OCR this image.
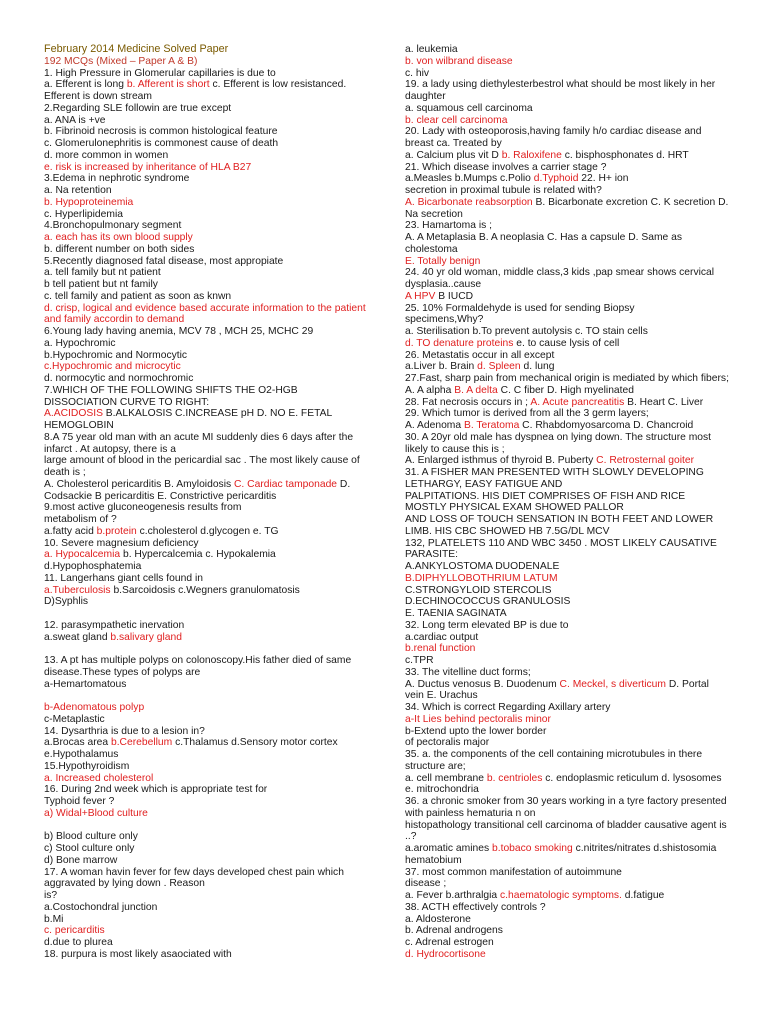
February 2014 Medicine Solved Paper
192 MCQs (Mixed – Paper A & B)
1. High Pressure in Glomerular capillaries is due to
a. Efferent is long b. Afferent is short c. Efferent is low resistanced.
Efferent is down stream
2.Regarding SLE followin are true except
a. ANA is +ve
b. Fibrinoid necrosis is common histological feature
c. Glomerulonephritis is commonest cause of death
d. more common in women
e. risk is increased by inheritance of HLA B27
3.Edema in nephrotic syndrome
a. Na retention
b. Hypoproteinemia
c. Hyperlipidemia
4.Bronchopulmonary segment
a. each has its own blood supply
b. different number on both sides
5.Recently diagnosed fatal disease, most appropiate
a. tell family but nt patient
b tell patient but nt family
c. tell family and patient as soon as knwn
d. crisp, logical and evidence based accurate information to the patient
and family accordin to demand
6.Young lady having anemia, MCV 78 , MCH 25, MCHC 29
a. Hypochromic
b.Hypochromic and Normocytic
c.Hypochromic and microcytic
d. normocytic and normochromic
7.WHICH OF THE FOLLOWING SHIFTS THE O2-HGB
DISSOCIATION CURVE TO RIGHT:
A.ACIDOSIS B.ALKALOSIS C.INCREASE pH D. NO E. FETAL
HEMOGLOBIN
8.A 75 year old man with an acute MI suddenly dies 6 days after the
infarct . At autopsy, there is a
large amount of blood in the pericardial sac . The most likely cause of
death is ;
A. Cholesterol pericarditis B. Amyloidosis C. Cardiac tamponade D.
Codsackie B pericarditis E. Constrictive pericarditis
9.most active gluconeogenesis results from
metabolism of ?
a.fatty acid b.protein c.cholesterol d.glycogen e. TG
10. Severe magnesium deficiency
a. Hypocalcemia b. Hypercalcemia c. Hypokalemia
d.Hypophosphatemia
11. Langerhans giant cells found in
a.Tuberculosis b.Sarcoidosis c.Wegners granulomatosis
D)Syphlis
12. parasympathetic inervation
a.sweat gland b.salivary gland
13. A pt has multiple polyps on colonoscopy.His father died of same
disease.These types of polyps are
a-Hemartomatous
b-Adenomatous polyp
c-Metaplastic
14. Dysarthria is due to a lesion in?
a.Brocas area b.Cerebellum c.Thalamus d.Sensory motor cortex
e.Hypothalamus
15.Hypothyroidism
a. Increased cholesterol
16. During 2nd week which is appropriate test for
Typhoid fever ?
a) Widal+Blood culture
b) Blood culture only
c) Stool culture only
d) Bone marrow
17. A woman havin fever for few days developed chest pain which
aggravated by lying down . Reason
is?
a.Costochondral junction
b.Mi
c. pericarditis
d.due to plurea
18. purpura is most likely asaociated with
a. leukemia
b. von wilbrand disease
c. hiv
19. a lady using diethylesterbestrol what should be most likely in her
daughter
a. squamous cell carcinoma
b. clear cell carcinoma
20. Lady with osteoporosis,having family h/o cardiac disease and
breast ca. Treated by
a. Calcium plus vit D b. Raloxifene c. bisphosphonates d. HRT
21. Which disease involves a carrier stage ?
a.Measles b.Mumps c.Polio d.Typhoid 22. H+ ion
secretion in proximal tubule is related with?
A. Bicarbonate reabsorption B. Bicarbonate excretion C. K secretion D.
Na secretion
23. Hamartoma is ;
A. A Metaplasia B. A neoplasia C. Has a capsule D. Same as
cholestoma
E. Totally benign
24. 40 yr old woman, middle class,3 kids ,pap smear shows cervical
dysplasia..cause
A HPV B IUCD
25. 10% Formaldehyde is used for sending Biopsy
specimens,Why?
a. Sterilisation b.To prevent autolysis c. TO stain cells
d. TO denature proteins e. to cause lysis of cell
26. Metastatis occur in all except
a.Liver b. Brain d. Spleen d. lung
27.Fast, sharp pain from mechanical origin is mediated by which fibers;
A. A alpha B. A delta C. C fiber D. High myelinated
28. Fat necrosis occurs in ; A. Acute pancreatitis B. Heart C. Liver
29. Which tumor is derived from all the 3 germ layers;
A. Adenoma B. Teratoma C. Rhabdomyosarcoma D. Chancroid
30. A 20yr old male has dyspnea on lying down. The structure most
likely to cause this is ;
A. Enlarged isthmus of thyroid B. Puberty C. Retrosternal goiter
31. A FISHER MAN PRESENTED WITH SLOWLY DEVELOPING
LETHARGY, EASY FATIGUE AND
PALPITATIONS. HIS DIET COMPRISES OF FISH AND RICE
MOSTLY PHYSICAL EXAM SHOWED PALLOR
AND LOSS OF TOUCH SENSATION IN BOTH FEET AND LOWER
LIMB. HIS CBC SHOWED HB 7.5G/DL MCV
132, PLATELETS 110 AND WBC 3450 . MOST LIKELY CAUSATIVE
PARASITE:
A.ANKYLOSTOMA DUODENALE
B.DIPHYLLOBOTHRIUM LATUM
C.STRONGYLOID STERCOLIS
D.ECHINOCOCCUS GRANULOSIS
E. TAENIA SAGINATA
32. Long term elevated BP is due to
a.cardiac output
b.renal function
c.TPR
33. The vitelline duct forms;
A. Ductus venosus B. Duodenum C. Meckel, s diverticum D. Portal
vein E. Urachus
34. Which is correct Regarding Axillary artery
a-It Lies behind pectoralis minor
b-Extend upto the lower border
of pectoralis major
35. a. the components of the cell containing microtubules in there
structure are;
a. cell membrane b. centrioles c. endoplasmic reticulum d. lysosomes
e. mitrochondria
36. a chronic smoker from 30 years working in a tyre factory presented
with painless hematuria n on
histopathology transitional cell carcinoma of bladder causative agent is
..?
a.aromatic amines b.tobaco smoking c.nitrites/nitrates d.shistosomia
hematobium
37. most common manifestation of autoimmune
disease ;
a. Fever b.arthralgia c.haematologic symptoms. d.fatigue
38. ACTH effectively controls ?
a. Aldosterone
b. Adrenal androgens
c. Adrenal estrogen
d. Hydrocortisone
